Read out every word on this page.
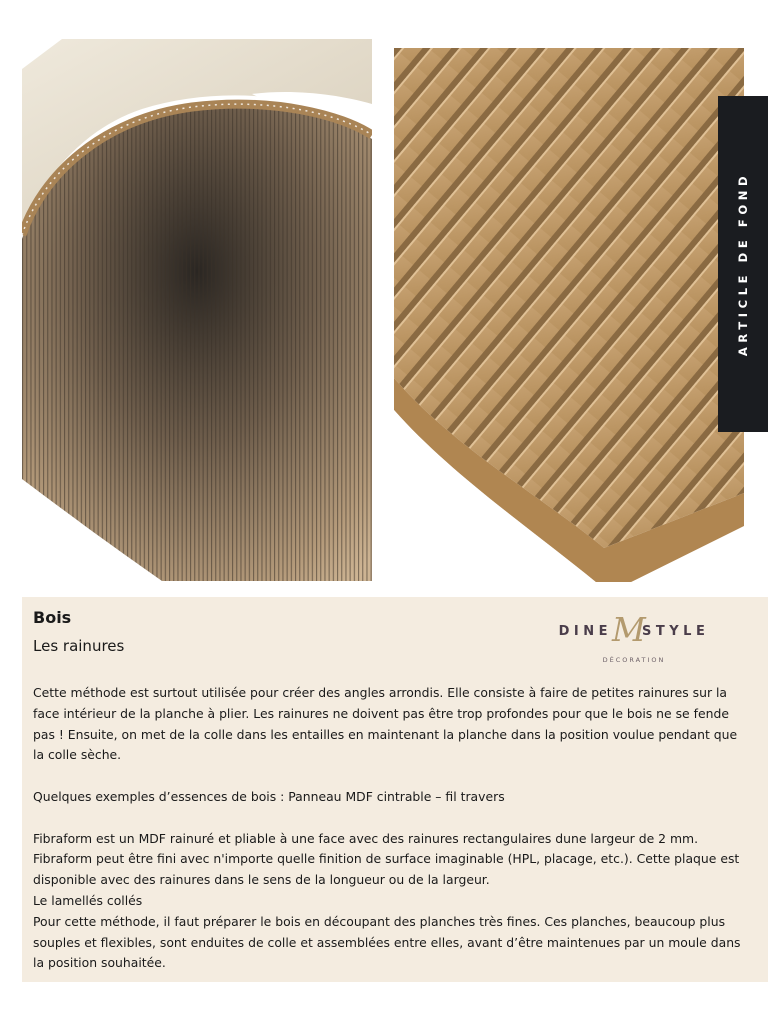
ARTICLE DE FOND
Bois
Les rainures
DINE STYLE
M
DÉCORATION

Cette méthode est surtout utilisée pour créer des angles arrondis. Elle consiste à faire de petites rainures sur la face intérieur de la planche à plier. Les rainures ne doivent pas être trop profondes pour que le bois ne se fende pas ! Ensuite, on met de la colle dans les entailles en maintenant la planche dans la position voulue pendant que la colle sèche.

Quelques exemples d’essences de bois : Panneau MDF cintrable – fil travers

Fibraform est un MDF rainuré et pliable à une face avec des rainures rectangulaires dune largeur de 2 mm. Fibraform peut être fini avec n'importe quelle finition de surface imaginable (HPL, placage, etc.). Cette plaque est disponible avec des rainures dans le sens de la longueur ou de la largeur.

Le lamellés collés

Pour cette méthode, il faut préparer le bois en découpant des planches très fines. Ces planches, beaucoup plus souples et flexibles, sont enduites de colle et assemblées entre elles, avant d’être maintenues par un moule dans la position souhaitée.
